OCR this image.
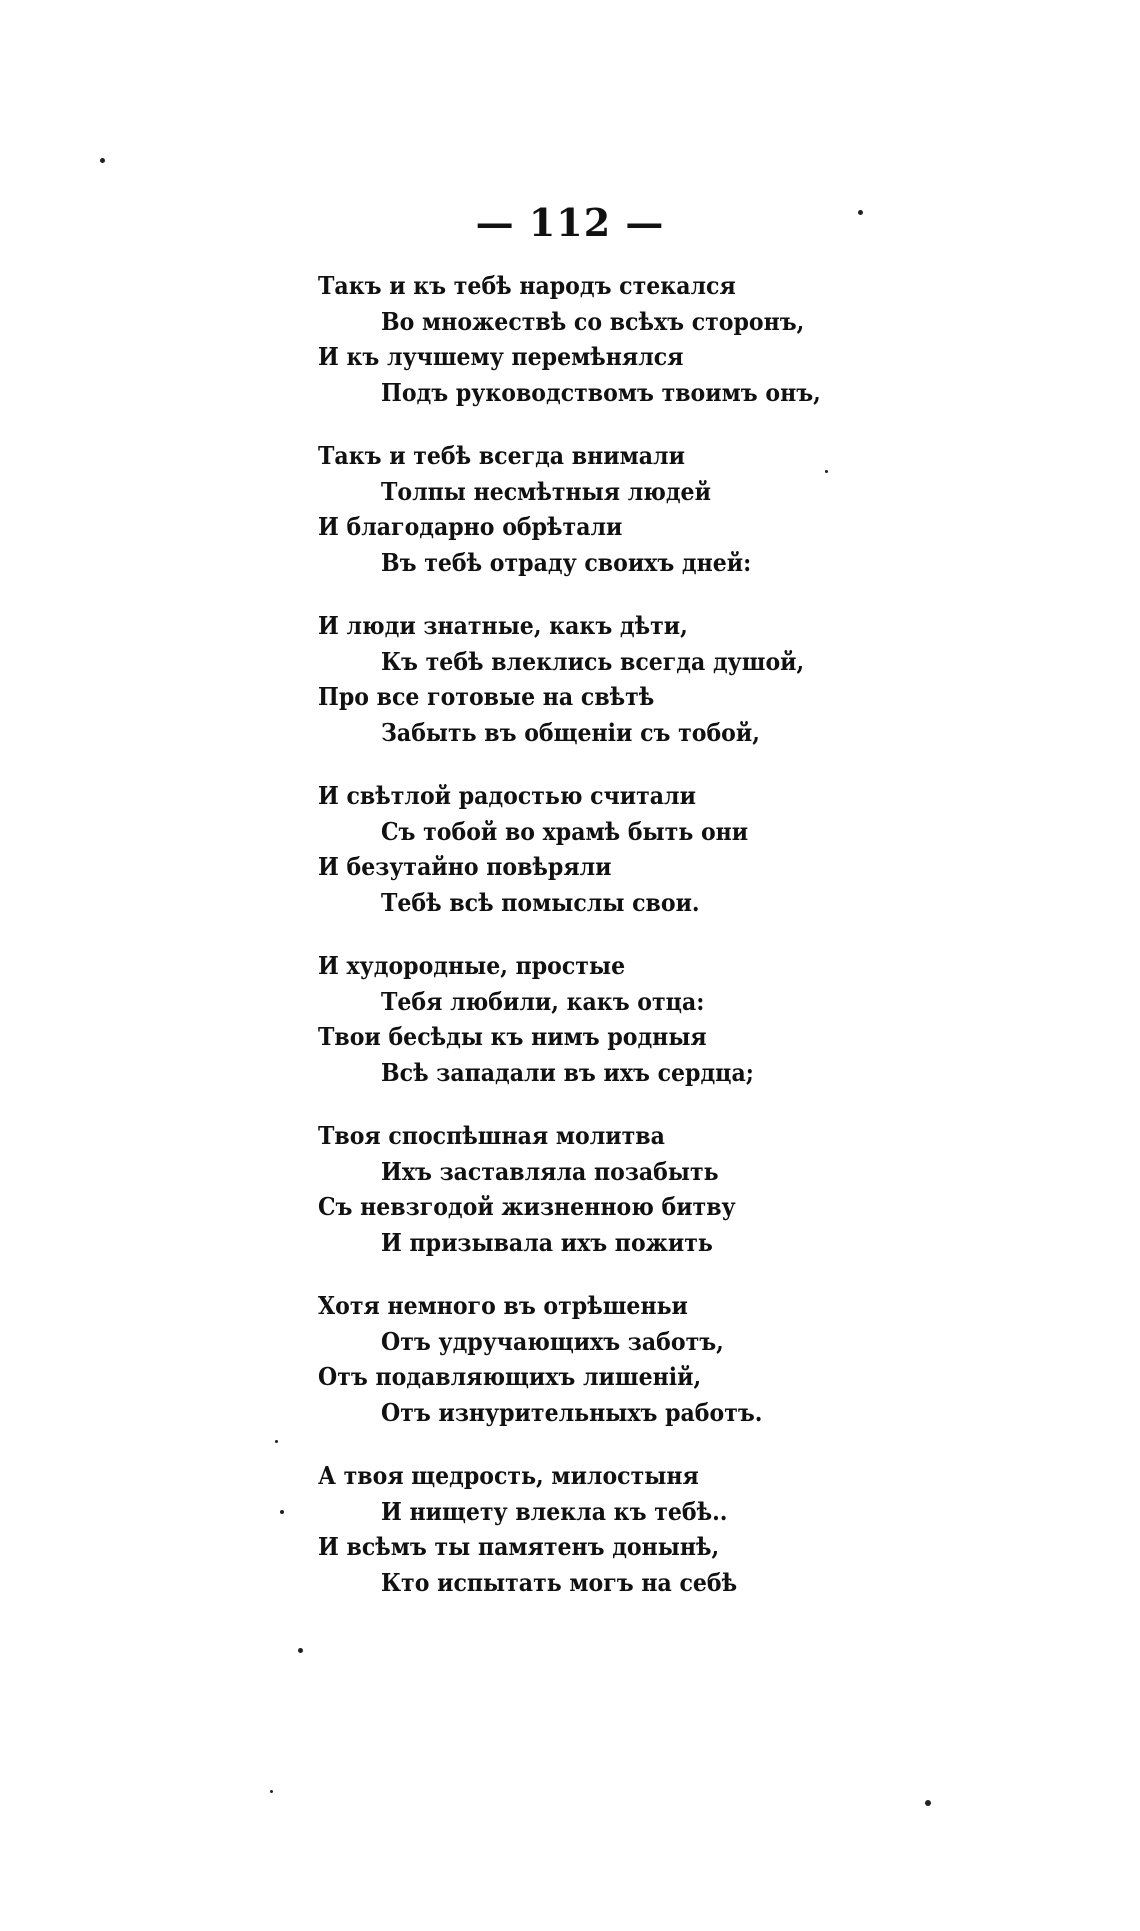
— 112 —
Такъ и къ тебѣ народъ стекался
Во множествѣ со всѣхъ сторонъ,
И къ лучшему перемѣнялся
Подъ руководствомъ твоимъ онъ,
Такъ и тебѣ всегда внимали
Толпы несмѣтныя людей
И благодарно обрѣтали
Въ тебѣ отраду своихъ дней:
И люди знатные, какъ дѣти,
Къ тебѣ влеклись всегда душой,
Про все готовые на свѣтѣ
Забыть въ общенiи съ тобой,
И свѣтлой радостью считали
Съ тобой во храмѣ быть они
И безутайно повѣряли
Тебѣ всѣ помыслы свои.
И худородные, простые
Тебя любили, какъ отца:
Твои бесѣды къ нимъ родныя
Всѣ западали въ ихъ сердца;
Твоя споспѣшная молитва
Ихъ заставляла позабыть
Съ невзгодой жизненною битву
И призывала ихъ пожить
Хотя немного въ отрѣшеньи
Отъ удручающихъ заботъ,
Отъ подавляющихъ лишенiй,
Отъ изнурительныхъ работъ.
А твоя щедрость, милостыня
И нищету влекла къ тебѣ..
И всѣмъ ты памятенъ донынѣ,
Кто испытать могъ на себѣ
